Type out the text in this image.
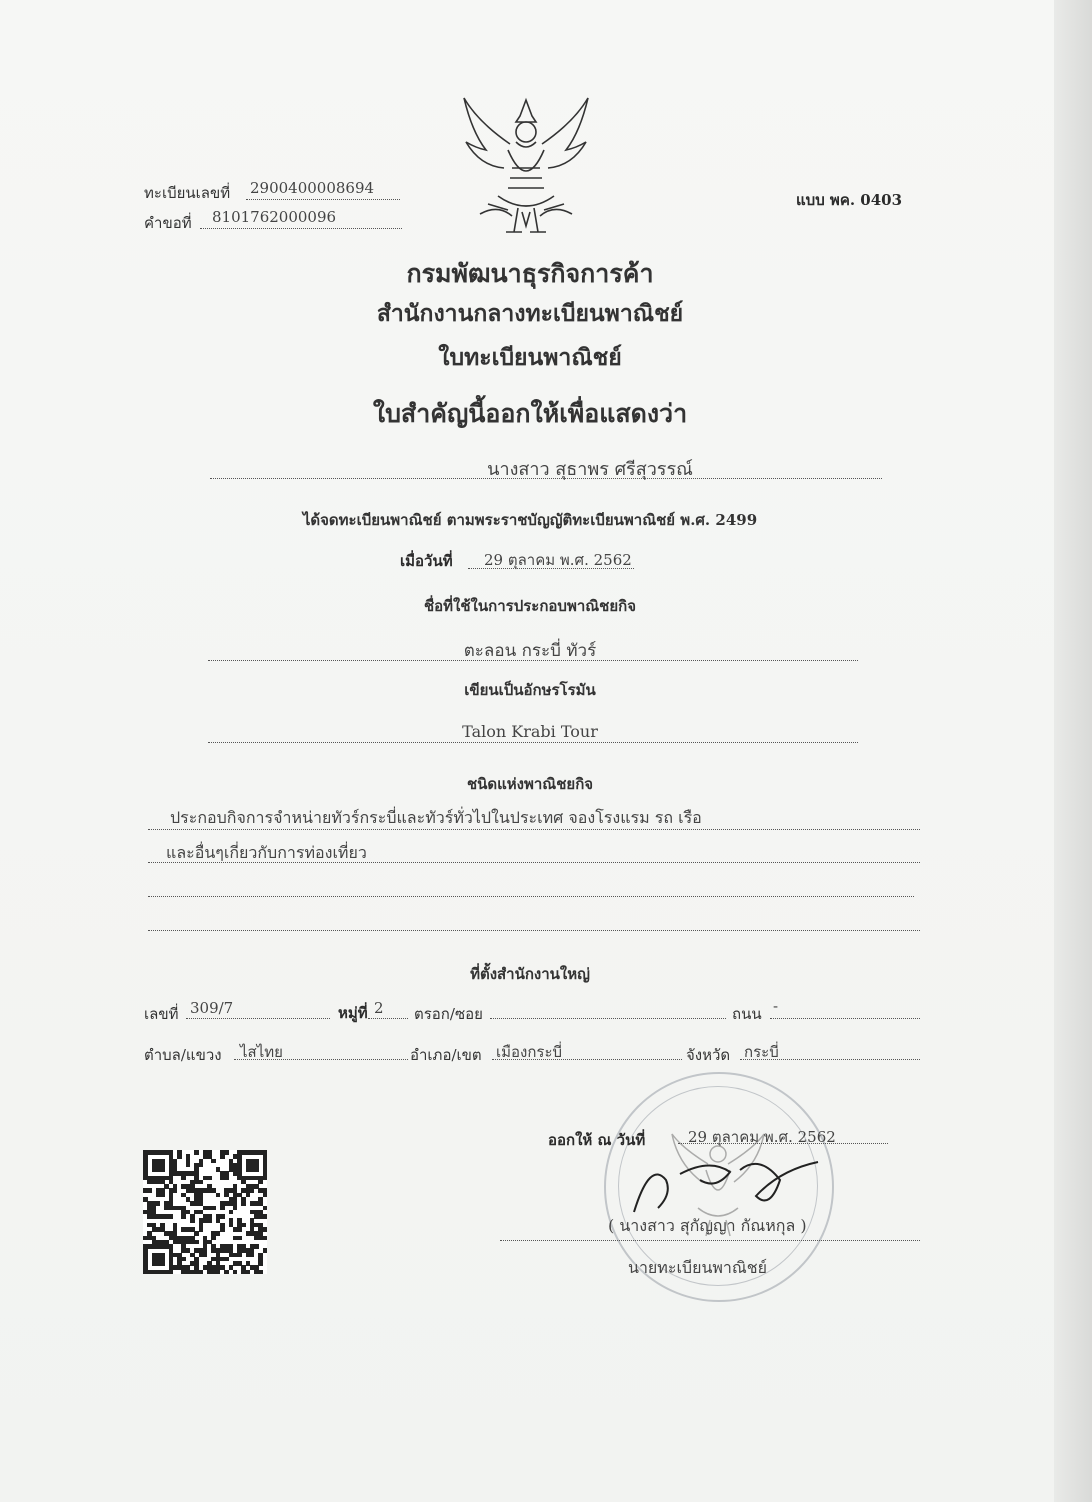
ทะเบียนเลขที่ 2900400008694
คำขอที่ 8101762000096
แบบ พค. 0403
กรมพัฒนาธุรกิจการค้า
สำนักงานกลางทะเบียนพาณิชย์
ใบทะเบียนพาณิชย์
ใบสำคัญนี้ออกให้เพื่อแสดงว่า
นางสาว สุธาพร ศรีสุวรรณ์
ได้จดทะเบียนพาณิชย์ ตามพระราชบัญญัติทะเบียนพาณิชย์ พ.ศ. 2499
เมื่อวันที่ 29 ตุลาคม พ.ศ. 2562
ชื่อที่ใช้ในการประกอบพาณิชยกิจ
ตะลอน กระบี่ ทัวร์
เขียนเป็นอักษรโรมัน
Talon Krabi Tour
ชนิดแห่งพาณิชยกิจ
ประกอบกิจการจำหน่ายทัวร์กระบี่และทัวร์ทั่วไปในประเทศ จองโรงแรม รถ เรือ
และอื่นๆเกี่ยวกับการท่องเที่ยว
ที่ตั้งสำนักงานใหญ่
เลขที่ 309/7	หมู่ที่ 2 ตรอก/ซอย	ถนน -
ตำบล/แขวง ไสไทย	อำเภอ/เขต เมืองกระบี่	จังหวัด กระบี่
ออกให้ ณ วันที่	29 ตุลาคม พ.ศ. 2562
( นางสาว สุกัญญา กัณหกุล )
นายทะเบียนพาณิชย์
